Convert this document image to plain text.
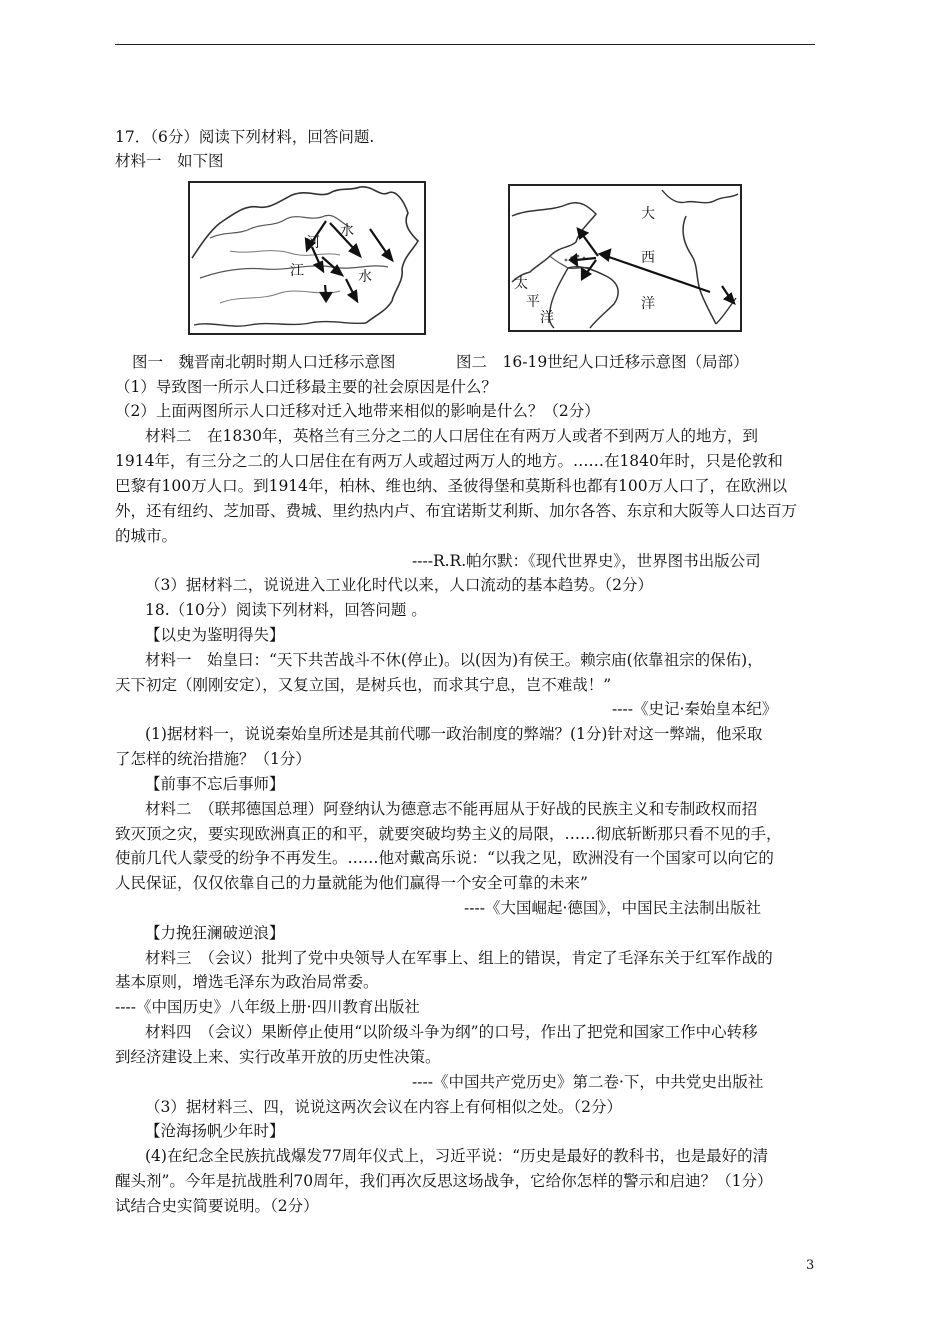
17．（6分）阅读下列材料，回答问题.
材料一　如下图
河
水
江	水
大
西
洋
太
平
洋
图一　魏晋南北朝时期人口迁移示意图	图二　16-19世纪人口迁移示意图（局部）
（1）导致图一所示人口迁移最主要的社会原因是什么？
（2）上面两图所示人口迁移对迁入地带来相似的影响是什么？（2分）
材料二　在1830年，英格兰有三分之二的人口居住在有两万人或者不到两万人的地方，到
1914年，有三分之二的人口居住在有两万人或超过两万人的地方。……在1840年时，只是伦敦和
巴黎有100万人口。到1914年，柏林、维也纳、圣彼得堡和莫斯科也都有100万人口了，在欧洲以
外，还有纽约、芝加哥、费城、里约热内卢、布宜诺斯艾利斯、加尔各答、东京和大阪等人口达百万
的城市。
----R.R.帕尔默：《现代世界史》，世界图书出版公司
（3）据材料二，说说进入工业化时代以来，人口流动的基本趋势。（2分）
18.（10分）阅读下列材料，回答问题 。
【以史为鉴明得失】
材料一　始皇曰：“天下共苦战斗不休(停止)。以(因为)有侯王。赖宗庙(依靠祖宗的保佑)，
天下初定（刚刚安定），又复立国，是树兵也，而求其宁息，岂不难哉！”
----《史记·秦始皇本纪》
(1)据材料一，说说秦始皇所述是其前代哪一政治制度的弊端？(1分)针对这一弊端，他采取
了怎样的统治措施？（1分）
【前事不忘后事师】
材料二　（联邦德国总理）阿登纳认为德意志不能再屈从于好战的民族主义和专制政权而招
致灭顶之灾，要实现欧洲真正的和平，就要突破均势主义的局限，……彻底斩断那只看不见的手，
使前几代人蒙受的纷争不再发生。……他对戴高乐说：“以我之见，欧洲没有一个国家可以向它的
人民保证，仅仅依靠自己的力量就能为他们赢得一个安全可靠的未来”
----《大国崛起·德国》，中国民主法制出版社
【力挽狂澜破逆浪】
材料三　（会议）批判了党中央领导人在军事上、组上的错误，肯定了毛泽东关于红军作战的
基本原则，增选毛泽东为政治局常委。
----《中国历史》八年级上册·四川教育出版社
材料四　（会议）果断停止使用“以阶级斗争为纲”的口号，作出了把党和国家工作中心转移
到经济建设上来、实行改革开放的历史性决策。
----《中国共产党历史》第二卷·下，中共党史出版社
（3）据材料三、四，说说这两次会议在内容上有何相似之处。（2分）
【沧海扬帆少年时】
(4)在纪念全民族抗战爆发77周年仪式上，习近平说：“历史是最好的教科书，也是最好的清
醒头剂”。今年是抗战胜利70周年，我们再次反思这场战争，它给你怎样的警示和启迪？（1分）
试结合史实简要说明。（2分）
3
